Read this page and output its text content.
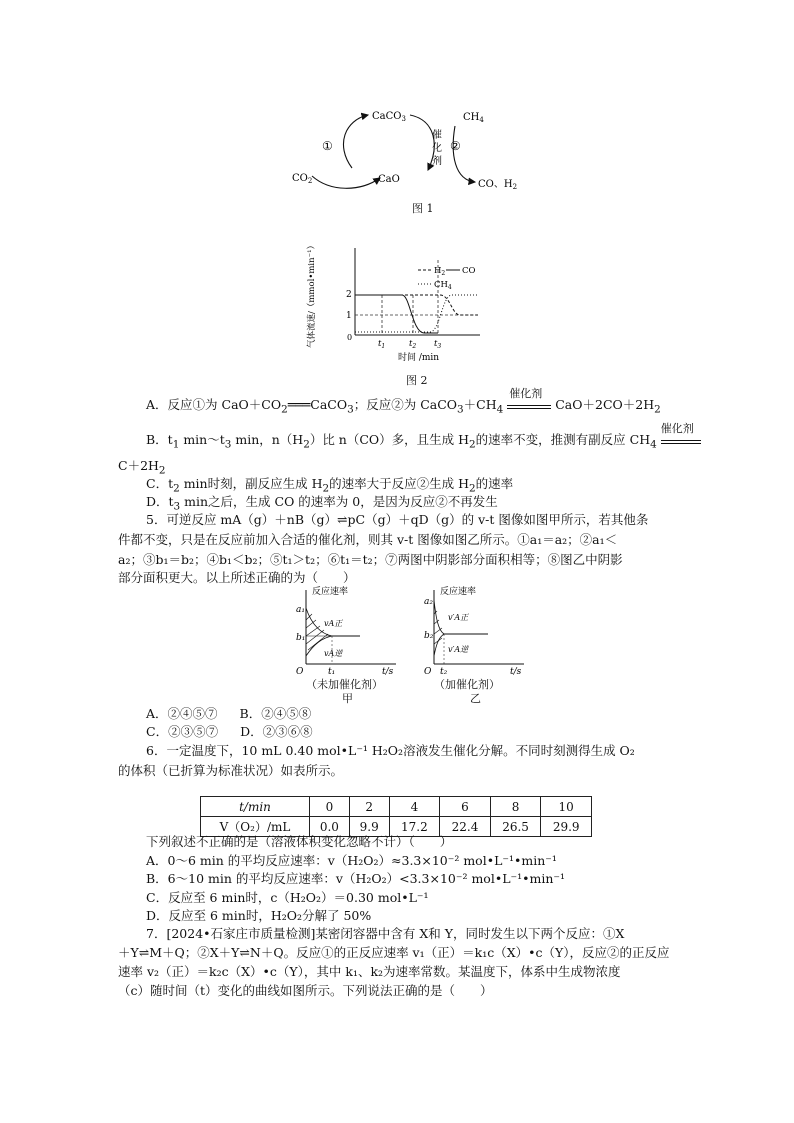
CaCO$_3$
CaO
$CO_2$
$CH_4$
CO、$H_2$
①	②
催
化
剂
图 1
气体流速/（mmol•min⁻¹）	0
2
1
$t_1$	$t_2$ $t_3$
时间 /min
$H_2$ CO
$CH_4$
图 2
A．反应①为 $CaO+CO_2═══CaCO_3$；反应②为 $CaCO_3+CH_4$
催化剂
$CaO+2CO+2H_2$
B．$t_1$ $\min\sim t_3$ min，$n(H_2)$比 n（CO）多，且生成 $H_2$的速率不变，推测有副反应 $CH_4$
催化剂
$C+2H_2$
C．$t_2$ min时刻，副反应生成 $H_2$的速率大于反应②生成 $H_2$的速率
D．$t_3$ min之后，生成 CO 的速率为 0，是因为反应②不再发生
5．可逆反应 mA（g）＋nB（g）⇌pC（g）＋qD（g）的 v-t 图像如图甲所示，若其他条
件都不变，只是在反应前加入合适的催化剂，则其 v-t 图像如图乙所示。①a₁＝a₂；②a₁＜
a₂；③b₁＝b₂；④b₁＜b₂；⑤t₁＞t₂；⑥t₁＝t₂；⑦两图中阴影部分面积相等；⑧图乙中阴影
部分面积更大。以上所述正确的为（　　）
a₁
b₁
O	t₁	t/s
vA正
vA逆
反应速率
（未加催化剂）
甲
a₂
b₂
O t₂	t/s
v′A正
v′A逆
反应速率
（加催化剂）
乙
A．②④⑤⑦ B．②④⑤⑧
C．②③⑤⑦ D．②③⑥⑧
6．一定温度下，10 mL 0.40 mol•L⁻¹ H₂O₂溶液发生催化分解。不同时刻测得生成 O₂
的体积（已折算为标准状况）如表所示。
t/min	0	2	4	6	8	10
V（O₂）/mL	0.0	9.9	17.2	22.4	26.5	29.9
下列叙述不正确的是（溶液体积变化忽略不计）（　　）
A．0～6 min 的平均反应速率：v（H₂O₂）≈3.3×10⁻² mol•L⁻¹•min⁻¹
B．6～10 min 的平均反应速率：v（H₂O₂）<3.3×10⁻² mol•L⁻¹•min⁻¹
C．反应至 6 min时，c（H₂O₂）＝0.30 mol•L⁻¹
D．反应至 6 min时，H₂O₂分解了 50%
7．[2024•石家庄市质量检测]某密闭容器中含有 X和 Y，同时发生以下两个反应：①X
＋Y⇌M＋Q；②X＋Y⇌N＋Q。反应①的正反应速率 v₁（正）＝k₁c（X）•c（Y），反应②的正反应
速率 v₂（正）＝k₂c（X）•c（Y），其中 k₁、k₂为速率常数。某温度下，体系中生成物浓度
（c）随时间（t）变化的曲线如图所示。下列说法正确的是（　　）
